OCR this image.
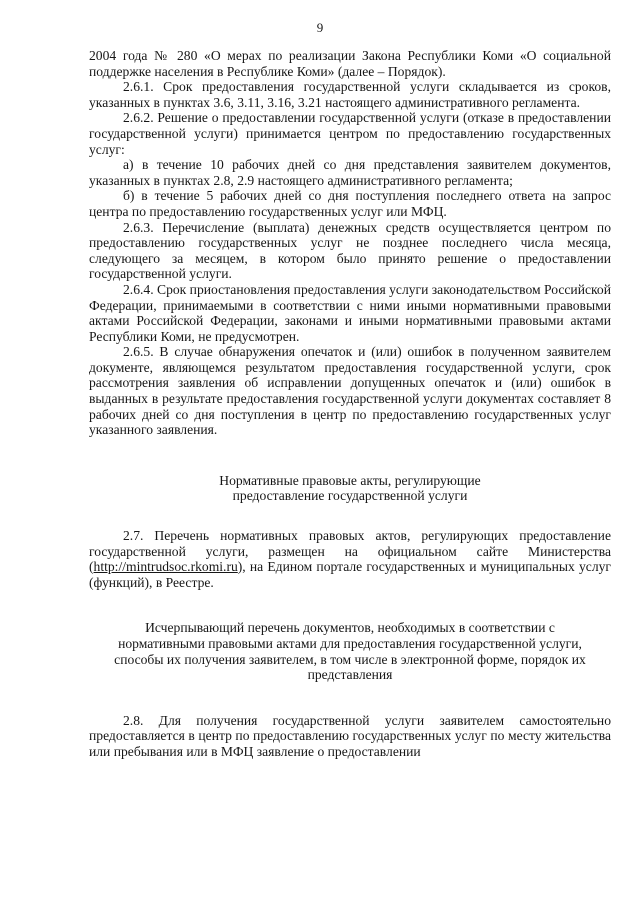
9

2004 года № 280 «О мерах по реализации Закона Республики Коми «О социальной поддержке населения в Республике Коми» (далее – Порядок).

2.6.1. Срок предоставления государственной услуги складывается из сроков, указанных в пунктах 3.6, 3.11, 3.16, 3.21 настоящего административного регламента.

2.6.2. Решение о предоставлении государственной услуги (отказе в предоставлении государственной услуги) принимается центром по предоставлению государственных услуг:

а) в течение 10 рабочих дней со дня представления заявителем документов, указанных в пунктах 2.8, 2.9 настоящего административного регламента;

б) в течение 5 рабочих дней со дня поступления последнего ответа на запрос центра по предоставлению государственных услуг или МФЦ.

2.6.3. Перечисление (выплата) денежных средств осуществляется центром по предоставлению государственных услуг не позднее последнего числа месяца, следующего за месяцем, в котором было принято решение о предоставлении государственной услуги.

2.6.4. Срок приостановления предоставления услуги законодательством Российской Федерации, принимаемыми в соответствии с ними иными нормативными правовыми актами Российской Федерации, законами и иными нормативными правовыми актами Республики Коми, не предусмотрен.

2.6.5. В случае обнаружения опечаток и (или) ошибок в полученном заявителем документе, являющемся результатом предоставления государственной услуги, срок рассмотрения заявления об исправлении допущенных опечаток и (или) ошибок в выданных в результате предоставления государственной услуги документах составляет 8 рабочих дней со дня поступления в центр по предоставлению государственных услуг указанного заявления.

Нормативные правовые акты, регулирующие
предоставление государственной услуги

2.7. Перечень нормативных правовых актов, регулирующих предоставление государственной услуги, размещен на официальном сайте Министерства (http://mintrudsoc.rkomi.ru), на Едином портале государственных и муниципальных услуг (функций), в Реестре.

Исчерпывающий перечень документов, необходимых в соответствии с
нормативными правовыми актами для предоставления государственной услуги,
способы их получения заявителем, в том числе в электронной форме, порядок их
представления

2.8. Для получения государственной услуги заявителем самостоятельно предоставляется в центр по предоставлению государственных услуг по месту жительства или пребывания или в МФЦ заявление о предоставлении
